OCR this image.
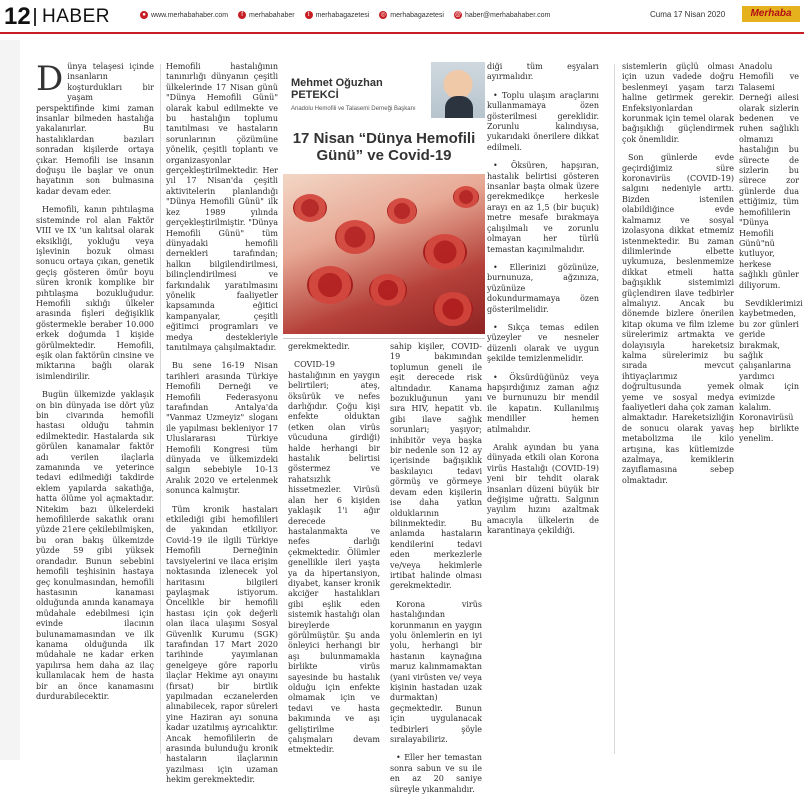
12 HABER	● www.merhabahaber.com	f merhabahaber	t merhabagazetesi ◎ merhabagazetesi @ haber@merhabahaber.com	Cuma 17 Nisan 2020	Merhaba

Dünya telaşesi içinde insanların koşturdukları bir yaşam perspektifinde kimi zaman insanlar bilmeden hastalığa yakalanırlar. Bu hastalıklardan bazıları sonradan kişilerde ortaya çıkar. Hemofili ise insanın doğuşu ile başlar ve onun hayatının son bulmasına kadar devam eder.

Hemofili, kanın pıhtılaşma sisteminde rol alan Faktör VIII ve IX 'un kalıtsal olarak eksikliği, yokluğu veya işlevinin bozuk olması sonucu ortaya çıkan, genetik geçiş gösteren ömür boyu süren kronik komplike bir pıhtılaşma bozukluğudur. Hemofili sıklığı ülkeler arasında fişleri değişiklik göstermekle beraber 10.000 erkek doğumda 1 kişide görülmektedir. Hemofili, eşik olan faktörün cinsine ve miktarına bağlı olarak isimlendirilir.

Bugün ülkemizde yaklaşık on bin dünyada ise dört yüz bin civarında hemofili hastası olduğu tahmin edilmektedir. Hastalarda sık görülen kanamalar faktör adı verilen ilaçlarla zamanında ve yeterince tedavi edilmediği takdirde eklem yapılarda sakatlığa, hatta ölüme yol açmaktadır. Nitekim bazı ülkelerdeki hemofililerde sakatlık oranı yüzde 21ere çekilebilmişken, bu oran bakış ülkemizde yüzde 59 gibi yüksek orandadır. Bunun sebebini hemofili teşhisinin hastaya geç konulmasından, hemofili hastasının kanaması olduğunda anında kanamaya müdahale edebilmesi için evinde ilacının bulunamamasından ve ilk kanama olduğunda ilk müdahale ne kadar erken yapılırsa hem daha az ilaç kullanılacak hem de hasta bir an önce kanamasını durdurabilecektir.

Hemofili hastalığının tanınırlığı dünyanın çeşitli ülkelerinde 17 Nisan günü "Dünya Hemofili Günü" olarak kabul edilmekte ve bu hastalığın toplumu tanıtılması ve hastaların sorunlarının çözümüne yönelik, çeşitli toplantı ve organizasyonlar gerçekleştirilmektedir. Her yıl 17 Nisan'da çeşitli aktivitelerin planlandığı "Dünya Hemofili Günü" ilk kez 1989 yılında gerçekleştirilmiştir. "Dünya Hemofili Günü" tüm dünyadaki hemofili dernekleri tarafından; halkın bilgilendirilmesi, bilinçlendirilmesi ve farkındalık yaratılmasını yönelik faaliyetler kapsamında eğitici kampanyalar, çeşitli eğitimci programları ve medya destekleriyle tanıtılmaya çalışılmaktadır.

Bu sene 16-19 Nisan tarihleri arasında Türkiye Hemofili Derneği ve Hemofili Federasyonu tarafından Antalya'da "Vanmaz Uzmeyiz" sloganı ile yapılması bekleniyor 17 Uluslararası Türkiye Hemofili Kongresi tüm dünyada ve ülkemizdeki salgın sebebiyle 10-13 Aralık 2020 ve ertelenmek sonunca kalmıştır.

Tüm kronik hastaları etkilediği gibi hemofilileri de yakından etkiliyor. Covid-19 ile ilgili Türkiye Hemofili Derneğinin tavsiyelerini ve ilaca erişim noktasında izlenecek yol haritasını bilgileri paylaşmak istiyorum. Öncelikle bir hemofili hastası için çok değerli olan ilaca ulaşımı Sosyal Güvenlik Kurumu (SGK) tarafından 17 Mart 2020 tarihinde yayımlanan genelgeye göre raporlu ilaçlar Hekime ayı onayını (fırsat) bir birtlik yapılmadan eczanelerden alınabilecek, rapor süreleri yine Haziran ayı sonuna kadar uzatılmış ayrıcalıktır. Ancak hemofililerin de arasında bulunduğu kronik hastaların ilaçlarının yazılması için uzaman hekim gerekmektedir.

Mehmet Oğuzhan
PETEKCİ
Anadolu Hemofili ve Talasemi Derneği Başkanı
17 Nisan “Dünya Hemofili Günü” ve Covid-19

gerekmektedir.

COVID-19 hastalığının en yaygın belirtileri; ateş, öksürük ve nefes darlığıdır. Çoğu kişi enfekte olduktan (etken olan virüs vücuduna girdiği) halde herhangi bir hastalık belirtisi göstermez ve rahatsızlık hissetmezler. Virüsü alan her 6 kişiden yaklaşık 1'i ağır derecede hastalanmakta ve nefes darlığı çekmektedir. Ölümler genellikle ileri yaşta ya da hipertansiyon, diyabet, kanser kronik akciğer hastalıkları gibi eşlik eden sistemik hastalığı olan bireylerde görülmüştür. Şu anda önleyici herhangi bir aşı bulunmamakla birlikte virüs sayesinde bu hastalık olduğu için enfekte olmamak için ve tedavi ve hasta bakımında ve aşı geliştirilme çalışmaları devam etmektedir.

sahip kişiler, COVID-19 bakımından toplumun geneli ile eşit derecede risk altındadır. Kanama bozukluğunun yanı sıra HIV, hepatit vb. gibi ilave sağlık sorunları; yaşıyor; inhibitör veya başka bir nedenle son 12 ay içerisinde bağışıklık baskılayıcı tedavi görmüş ve görmeye devam eden kişilerin ise daha yatkın olduklarının bilinmektedir. Bu anlamda hastaların kendilerini tedavi eden merkezlerle ve/veya hekimlerle irtibat halinde olması gerekmektedir.

Korona virüs hastalığından korunmanın en yaygın yolu önlemlerin en iyi yolu, herhangi bir hastanın kaynağına maruz kalınmamaktan (yani virüsten ve/ veya kişinin hastadan uzak durmaktan) geçmektedir. Bunun için uygulanacak tedbirleri şöyle sıralayabiliriz.

• Eller her temastan sonra sabun ve su ile en az 20 saniye süreyle yıkanmalıdır.

diği tüm eşyaları ayırmalıdır.

• Toplu ulaşım araçlarını kullanmamaya özen gösterilmesi gereklidir. Zorunlu kalındıysa, yukarıdaki önerilere dikkat edilmeli.

• Öksüren, hapşıran, hastalık belirtisi gösteren insanlar başta olmak üzere gerekmedikçe herkesle arayı en az 1,5 (bir buçuk) metre mesafe bırakmaya çalışılmalı ve zorunlu olmayan her türlü temastan kaçınılmalıdır.

• Ellerinizi gözünüze, burnunuza, ağzınıza, yüzünüze dokundurmamaya özen gösterilmelidir.

• Sıkça temas edilen yüzeyler ve nesneler düzenli olarak ve uygun şekilde temizlenmelidir.

• Öksürdüğünüz veya hapşırdığınız zaman ağız ve burnunuzu bir mendil ile kapatın. Kullanılmış mendiller hemen atılmalıdır.

Aralık ayından bu yana dünyada etkili olan Korona virüs Hastalığı (COVID-19) yeni bir tehdit olarak insanları düzeni büyük bir değişime uğrattı. Salgının yayılım hızını azaltmak amacıyla ülkelerin de karantinaya çekildiği.

sistemlerin güçlü olması için uzun vadede doğru beslenmeyi yaşam tarzı haline getirmek gerekir. Enfeksiyonlardan korunmak için temel olarak bağışıklığı güçlendirmek çok önemlidir.

Son günlerde evde geçirdiğimiz süre koronavirüs (COVID-19) salgını nedeniyle arttı. Bizden istenilen olabildiğince evde kalmamız ve sosyal izolasyona dikkat etmemiz istenmektedir. Bu zaman dilimlerinde elbette uykumuza, beslenmemize dikkat etmeli hatta bağışıklık sistemimizi güçlendiren ilave tedbirler almalıyız. Ancak bu dönemde bizlere önerilen kitap okuma ve film izleme sürelerimiz artmakta ve dolayısıyla hareketsiz kalma sürelerimiz bu sırada mevcut ihtiyaçlarımız doğrultusunda yemek yeme ve sosyal medya faaliyetleri daha çok zaman almaktadır. Hareketsizliğin de sonucu olarak yavaş metabolizma ile kilo artışına, kas kütlemizde azalmaya, kemiklerin zayıflamasına sebep olmaktadır.

Anadolu Hemofili ve Talasemi Derneği ailesi olarak sizlerin bedenen ve ruhen sağlıklı olmanızı hastalığın bu sürecte de sizlerin bu sürece zor günlerde dua ettiğimiz, tüm hemofililerin "Dünya Hemofili Günü"nü kutluyor, herkese sağlıklı günler diliyorum.

Sevdiklerimizi kaybetmeden, bu zor günleri geride bırakmak, sağlık çalışanlarına yardımcı olmak için evimizde kalalım. Koronavirüsü hep birlikte yenelim.
